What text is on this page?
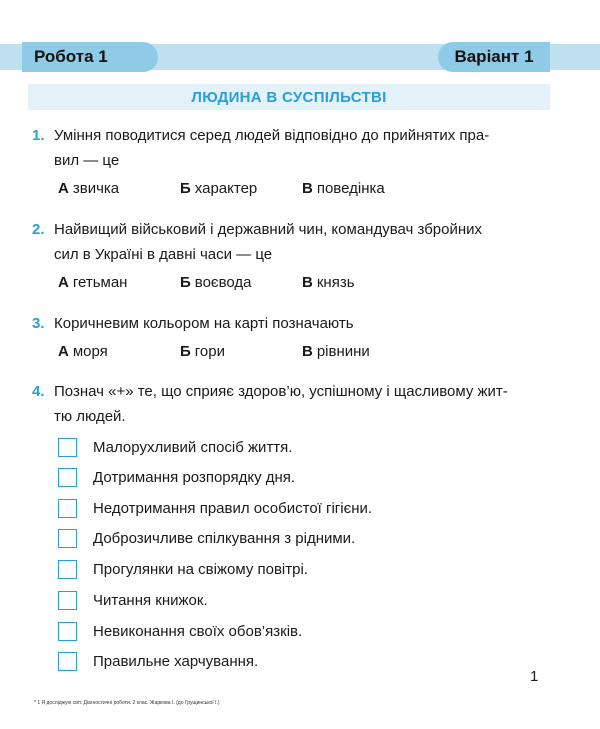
Робота 1	Варіант 1
ЛЮДИНА В СУСПІЛЬСТВІ
1. Уміння поводитися серед людей відповідно до прийнятих пра-
вил — це
А звичка	Б характер	В поведінка
2. Найвищий військовий і державний чин, командувач збройних
сил в Україні в давні часи — це
А гетьман	Б воєвода	В князь
3. Коричневим кольором на карті позначають
А моря	Б гори	В рівнини
4. Познач «+» те, що сприяє здоров’ю, успішному і щасливому жит-
тю людей.
Малорухливий спосіб життя.
Дотримання розпорядку дня.
Недотримання правил особистої гігієни.
Доброзичливе спілкування з рідними.
Прогулянки на свіжому повітрі.
Читання книжок.
Невиконання своїх обов’язків.
Правильне харчування.
1
* 1 Я досліджую світ. Діагностичні роботи. 2 клас. Жаркова І. (до Грущинської І.)
